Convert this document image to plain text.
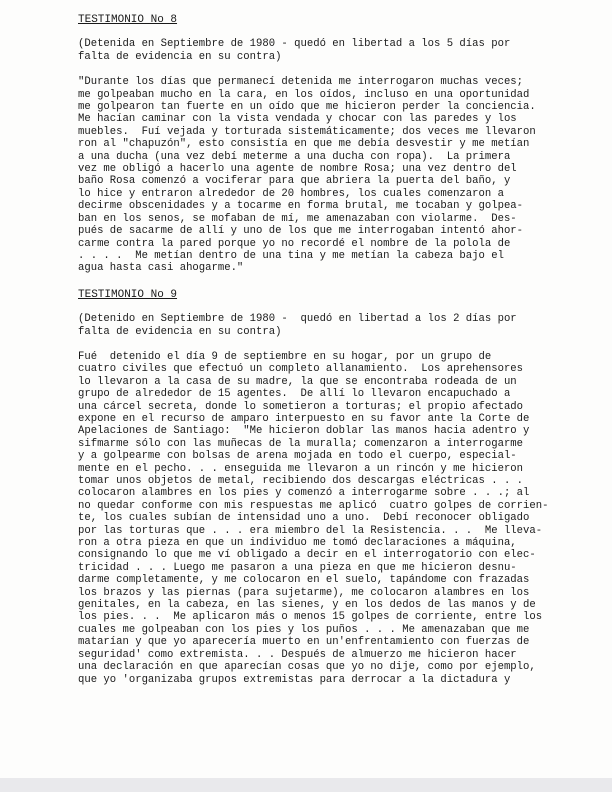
TESTIMONIO No 8
(Detenida en Septiembre de 1980 - quedó en libertad a los 5 días por
falta de evidencia en su contra)
"Durante los días que permanecí detenida me interrogaron muchas veces;
me golpeaban mucho en la cara, en los oídos, incluso en una oportunidad
me golpearon tan fuerte en un oído que me hicieron perder la conciencia.
Me hacían caminar con la vista vendada y chocar con las paredes y los
muebles.  Fuí vejada y torturada sistemáticamente; dos veces me llevaron
ron al "chapuzón", esto consistía en que me debía desvestir y me metían
a una ducha (una vez debí meterme a una ducha con ropa).  La primera
vez me obligó a hacerlo una agente de nombre Rosa; una vez dentro del
baño Rosa comenzó a vociferar para que abriera la puerta del baño, y
lo hice y entraron alrededor de 20 hombres, los cuales comenzaron a
decirme obscenidades y a tocarme en forma brutal, me tocaban y golpea-
ban en los senos, se mofaban de mí, me amenazaban con violarme.  Des-
pués de sacarme de allí y uno de los que me interrogaban intentó ahor-
carme contra la pared porque yo no recordé el nombre de la polola de
. . . .  Me metían dentro de una tina y me metían la cabeza bajo el
agua hasta casi ahogarme."
TESTIMONIO No 9
(Detenido en Septiembre de 1980 -  quedó en libertad a los 2 días por
falta de evidencia en su contra)
Fué  detenido el día 9 de septiembre en su hogar, por un grupo de
cuatro civiles que efectuó un completo allanamiento.  Los aprehensores
lo llevaron a la casa de su madre, la que se encontraba rodeada de un
grupo de alrededor de 15 agentes.  De allí lo llevaron encapuchado a
una cárcel secreta, donde lo sometieron a torturas; el propio afectado
expone en el recurso de amparo interpuesto en su favor ante la Corte de
Apelaciones de Santiago:  "Me hicieron doblar las manos hacia adentro y
sifmarme sólo con las muñecas de la muralla; comenzaron a interrogarme
y a golpearme con bolsas de arena mojada en todo el cuerpo, especial-
mente en el pecho. . . enseguida me llevaron a un rincón y me hicieron
tomar unos objetos de metal, recibiendo dos descargas eléctricas . . .
colocaron alambres en los pies y comenzó a interrogarme sobre . . .; al
no quedar conforme con mis respuestas me aplicó  cuatro golpes de corrien-
te, los cuales subían de intensidad uno a uno.  Debí reconocer obligado
por las torturas que . . . era miembro del la Resistencia. . .  Me lleva-
ron a otra pieza en que un individuo me tomó declaraciones a máquina,
consignando lo que me ví obligado a decir en el interrogatorio con elec-
tricidad . . . Luego me pasaron a una pieza en que me hicieron desnu-
darme completamente, y me colocaron en el suelo, tapándome con frazadas
los brazos y las piernas (para sujetarme), me colocaron alambres en los
genitales, en la cabeza, en las sienes, y en los dedos de las manos y de
los pies. . .  Me aplicaron más o menos 15 golpes de corriente, entre los
cuales me golpeaban con los pies y los puños . . . Me amenazaban que me
matarían y que yo aparecería muerto en un'enfrentamiento con fuerzas de
seguridad' como extremista. . . Después de almuerzo me hicieron hacer
una declaración en que aparecían cosas que yo no dije, como por ejemplo,
que yo 'organizaba grupos extremistas para derrocar a la dictadura y
